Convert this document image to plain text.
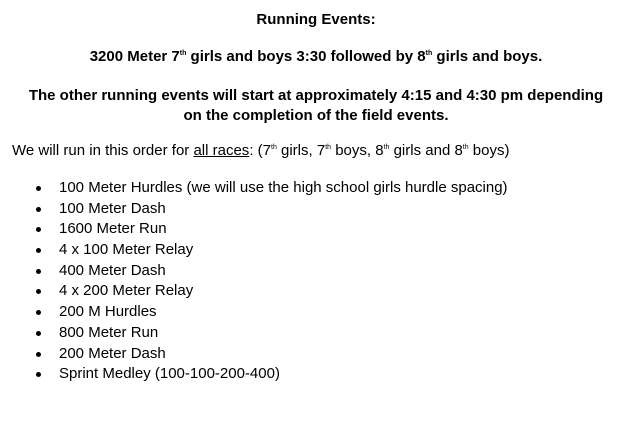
Running Events:

3200 Meter 7th girls and boys 3:30 followed by 8th girls and boys.

The other running events will start at approximately 4:15 and 4:30 pm depending
on the completion of the field events.

We will run in this order for all races: (7th girls, 7th boys, 8th girls and 8th boys)

100 Meter Hurdles (we will use the high school girls hurdle spacing)
100 Meter Dash
1600 Meter Run
4 x 100 Meter Relay
400 Meter Dash
4 x 200 Meter Relay
200 M Hurdles
800 Meter Run
200 Meter Dash
Sprint Medley (100-100-200-400)
